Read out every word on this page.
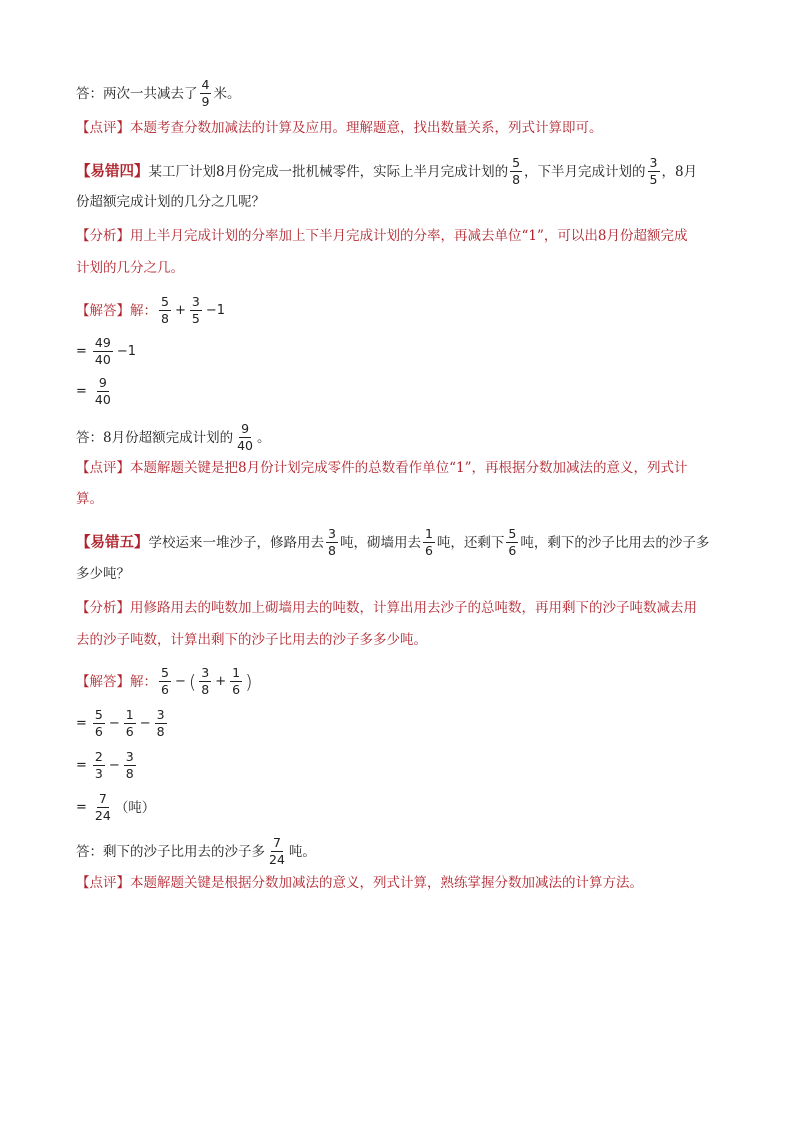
答：两次一共减去了 $\frac{4}{9}$ 米。
【点评】本题考查分数加减法的计算及应用。理解题意，找出数量关系，列式计算即可。
【易错四】 某工厂计划8月份完成一批机械零件，实际上半月完成计划的 $\frac{5}{8}$ ，下半月完成计划的 $\frac{3}{5}$ ，8月
份超额完成计划的几分之几呢？
【分析】用上半月完成计划的分率加上下半月完成计划的分率，再减去单位“1”，可以出8月份超额完成
计划的几分之几。
【解答】解： $\frac{5}{8} + \frac{3}{5} -1$
= $\frac{49}{40} -1$
= $\frac{9}{40}$
答：8月份超额完成计划的 $\frac{9}{40}$ 。
【点评】本题解题关键是把8月份计划完成零件的总数看作单位“1”，再根据分数加减法的意义，列式计
算。
【易错五】 学校运来一堆沙子，修路用去 $\frac{3}{8}$ 吨，砌墙用去 $\frac{1}{6}$ 吨，还剩下 $\frac{5}{6}$ 吨，剩下的沙子比用去的沙子多
多少吨？
【分析】用修路用去的吨数加上砌墙用去的吨数，计算出用去沙子的总吨数，再用剩下的沙子吨数减去用
去的沙子吨数，计算出剩下的沙子比用去的沙子多多少吨。
【解答】解： $\frac{5}{6}$ − ( $\frac{3}{8} + \frac{1}{6}$ )
= $\frac{5}{6} - \frac{1}{6} - \frac{3}{8}$
= $\frac{2}{3} - \frac{3}{8}$
= $\frac{7}{24}$ （吨）
答：剩下的沙子比用去的沙子多 $\frac{7}{24}$ 吨。
【点评】本题解题关键是根据分数加减法的意义，列式计算，熟练掌握分数加减法的计算方法。
